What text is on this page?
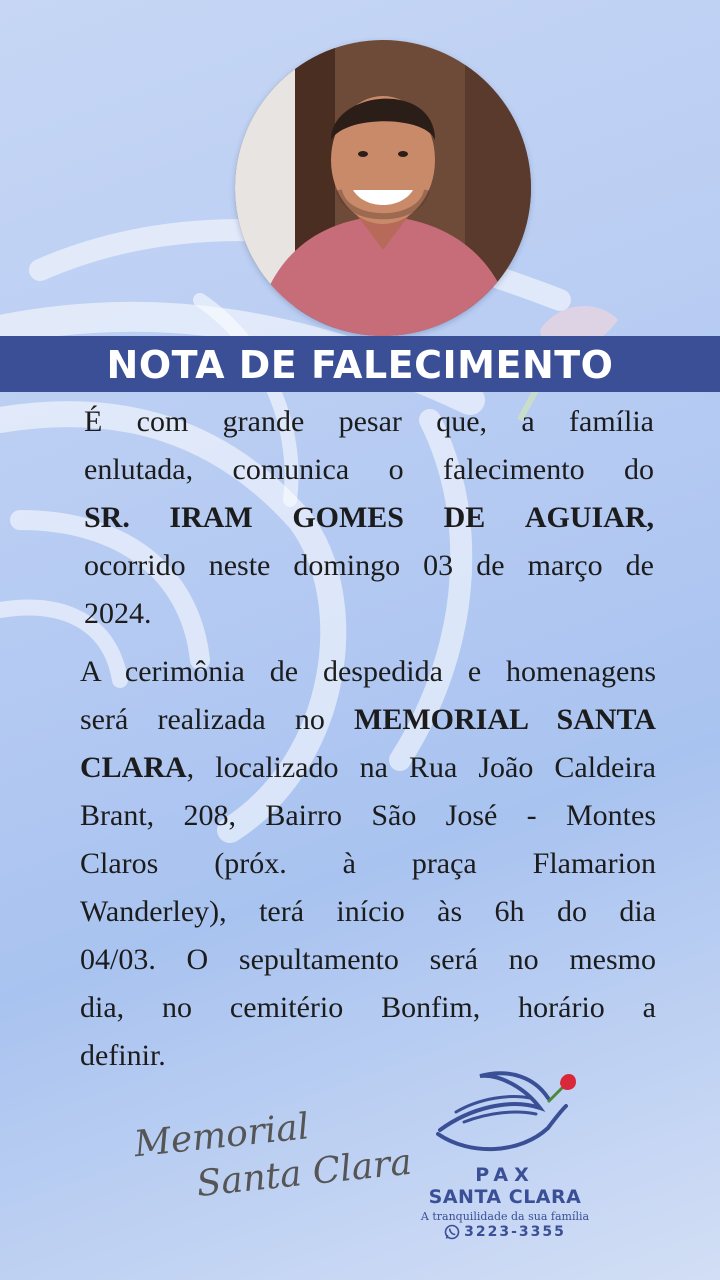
NOTA DE FALECIMENTO
É com grande pesar que, a família
enlutada, comunica o falecimento do
SR. IRAM GOMES DE AGUIAR,
ocorrido neste domingo 03 de março de
2024.
A cerimônia de despedida e homenagens
será realizada no MEMORIAL SANTA
CLARA, localizado na Rua João Caldeira
Brant, 208, Bairro São José - Montes
Claros (próx. à praça Flamarion
Wanderley), terá início às 6h do dia
04/03. O sepultamento será no mesmo
dia, no cemitério Bonfim, horário a
definir.
Memorial
Santa Clara	PAX
SANTA CLARA
A tranquilidade da sua família
3223-3355
